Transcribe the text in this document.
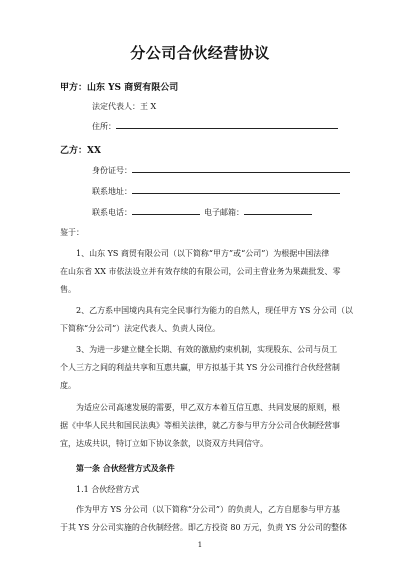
分公司合伙经营协议
甲方：山东 YS 商贸有限公司
法定代表人：王 X
住所：
乙方：XX
身份证号：
联系地址：
联系电话：	电子邮箱：
鉴于：
1、山东 YS 商贸有限公司（以下简称“甲方”或“公司”）为根据中国法律
在山东省 XX 市依法设立并有效存续的有限公司，公司主营业务为果蔬批发、零
售。
2、乙方系中国境内具有完全民事行为能力的自然人，现任甲方 YS 分公司（以
下简称“分公司”）法定代表人、负责人岗位。
3、为进一步建立健全长期、有效的激励约束机制，实现股东、公司与员工
个人三方之间的利益共享和互惠共赢，甲方拟基于其 YS 分公司推行合伙经营制
度。
为适应公司高速发展的需要，甲乙双方本着互信互惠、共同发展的原则，根
据《中华人民共和国民法典》等相关法律，就乙方参与甲方分公司合伙制经营事
宜，达成共识，特订立如下协议条款，以资双方共同信守。
第一条 合伙经营方式及条件
1.1 合伙经营方式
作为甲方 YS 分公司（以下简称“分公司”）的负责人，乙方自愿参与甲方基
于其 YS 分公司实施的合伙制经营。即乙方投资 80 万元，负责 YS 分公司的整体
1
